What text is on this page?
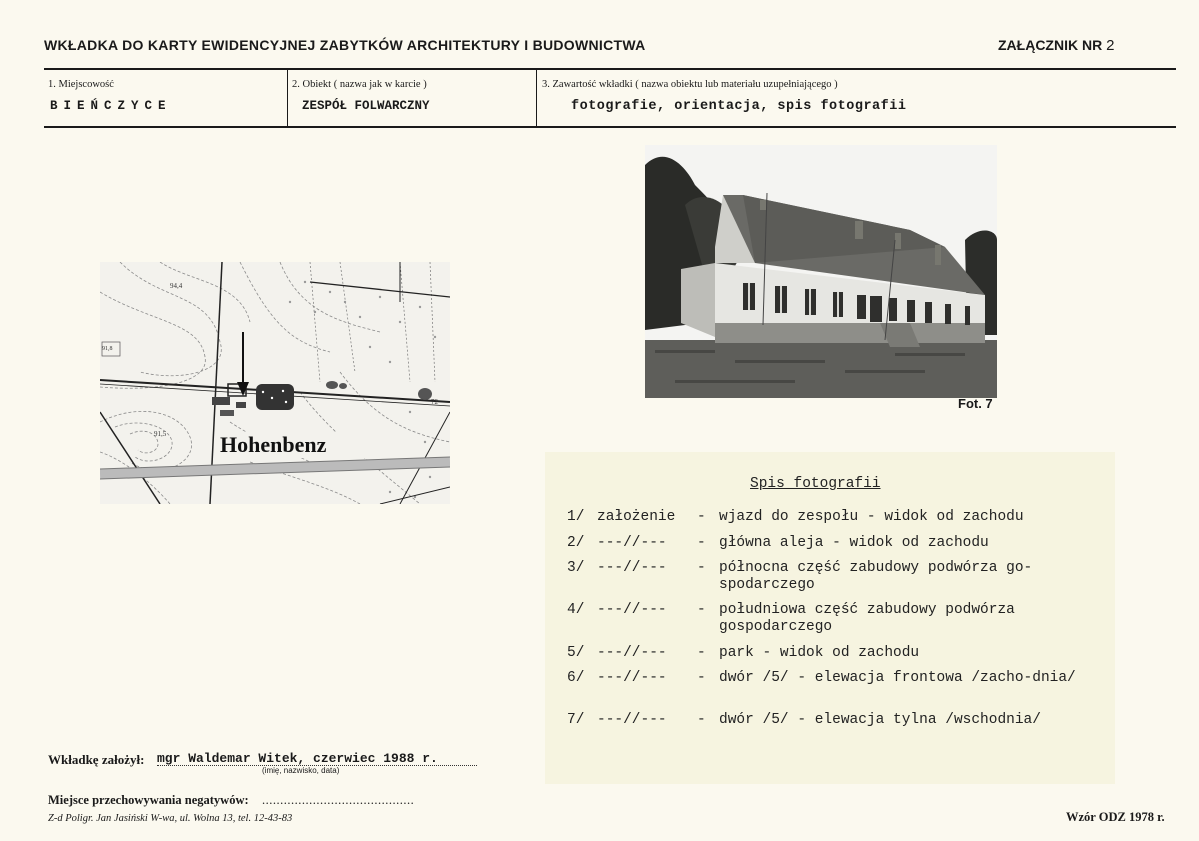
WKŁADKA DO KARTY EWIDENCYJNEJ ZABYTKÓW ARCHITEKTURY I BUDOWNICTWA	ZAŁĄCZNIK NR 2
1. Miejscowość
BIEŃCZYCE
2. Obiekt ( nazwa jak w karcie )
ZESPÓŁ FOLWARCZNY
3. Zawartość wkładki ( nazwa obiektu lub materiału uzupełniającego )
fotografie, orientacja, spis fotografii
94,4
91,5
91,8
72
Hohenbenz
Fot. 7
Spis fotografii
1/ założenie	- wjazd do zespołu - widok od zachodu
2/ ---//---	- główna aleja - widok od zachodu
3/ ---//---	- północna część zabudowy podwórza go-spodarczego
4/ ---//---	- południowa część zabudowy podwórza gospodarczego
5/ ---//---	- park - widok od zachodu
6/ ---//---	- dwór /5/ - elewacja frontowa /zacho-dnia/
7/ ---//---	- dwór /5/ - elewacja tylna /wschodnia/
Wkładkę założył: mgr Waldemar Witek, czerwiec 1988 r.
(imię, nazwisko, data)
Miejsce przechowywania negatywów: ..........................................
Z-d Poligr. Jan Jasiński W-wa, ul. Wolna 13, tel. 12-43-83	Wzór ODZ 1978 r.
